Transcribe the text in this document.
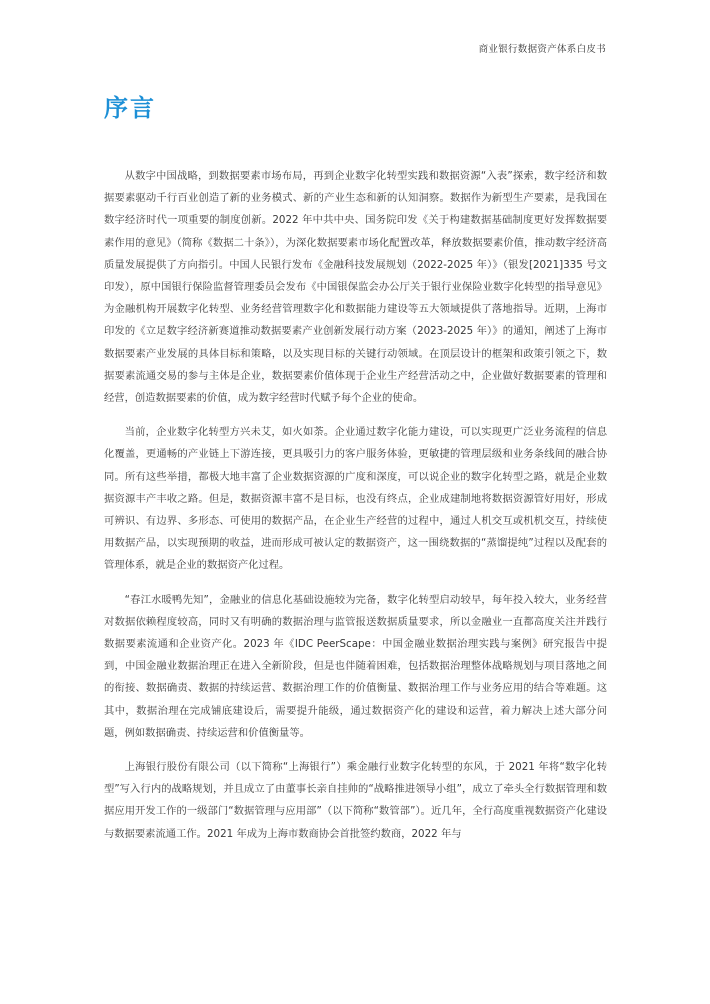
商业银行数据资产体系白皮书
序言

从数字中国战略，到数据要素市场布局，再到企业数字化转型实践和数据资源“入表”探索，数字经济和数据要素驱动千行百业创造了新的业务模式、新的产业生态和新的认知洞察。数据作为新型生产要素，是我国在数字经济时代一项重要的制度创新。2022 年中共中央、国务院印发《关于构建数据基础制度更好发挥数据要素作用的意见》（简称《数据二十条》），为深化数据要素市场化配置改革，释放数据要素价值，推动数字经济高质量发展提供了方向指引。中国人民银行发布《金融科技发展规划（2022-2025 年）》（银发[2021]335 号文印发），原中国银行保险监督管理委员会发布《中国银保监会办公厅关于银行业保险业数字化转型的指导意见》为金融机构开展数字化转型、业务经营管理数字化和数据能力建设等五大领域提供了落地指导。近期，上海市印发的《立足数字经济新赛道推动数据要素产业创新发展行动方案（2023-2025 年）》的通知，阐述了上海市数据要素产业发展的具体目标和策略，以及实现目标的关键行动领域。在顶层设计的框架和政策引领之下，数据要素流通交易的参与主体是企业，数据要素价值体现于企业生产经营活动之中，企业做好数据要素的管理和经营，创造数据要素的价值，成为数字经营时代赋予每个企业的使命。

当前，企业数字化转型方兴未艾，如火如荼。企业通过数字化能力建设，可以实现更广泛业务流程的信息化覆盖，更通畅的产业链上下游连接，更具吸引力的客户服务体验，更敏捷的管理层级和业务条线间的融合协同。所有这些举措，都极大地丰富了企业数据资源的广度和深度，可以说企业的数字化转型之路，就是企业数据资源丰产丰收之路。但是，数据资源丰富不是目标，也没有终点，企业成建制地将数据资源管好用好，形成可辨识、有边界、多形态、可使用的数据产品，在企业生产经营的过程中，通过人机交互或机机交互，持续使用数据产品，以实现预期的收益，进而形成可被认定的数据资产，这一围绕数据的“蒸馏提纯”过程以及配套的管理体系，就是企业的数据资产化过程。

“春江水暖鸭先知”，金融业的信息化基础设施较为完备，数字化转型启动较早，每年投入较大，业务经营对数据依赖程度较高，同时又有明确的数据治理与监管报送数据质量要求，所以金融业一直都高度关注并践行数据要素流通和企业资产化。2023 年《IDC PeerScape：中国金融业数据治理实践与案例》研究报告中提到，中国金融业数据治理正在进入全新阶段，但是也伴随着困难，包括数据治理整体战略规划与项目落地之间的衔接、数据确责、数据的持续运营、数据治理工作的价值衡量、数据治理工作与业务应用的结合等难题。这其中，数据治理在完成铺底建设后，需要提升能级，通过数据资产化的建设和运营，着力解决上述大部分问题，例如数据确责、持续运营和价值衡量等。

上海银行股份有限公司（以下简称“上海银行”）乘金融行业数字化转型的东风，于 2021 年将“数字化转型”写入行内的战略规划，并且成立了由董事长亲自挂帅的“战略推进领导小组”，成立了牵头全行数据管理和数据应用开发工作的一级部门“数据管理与应用部”（以下简称“数管部”）。近几年，全行高度重视数据资产化建设与数据要素流通工作。2021 年成为上海市数商协会首批签约数商，2022 年与
